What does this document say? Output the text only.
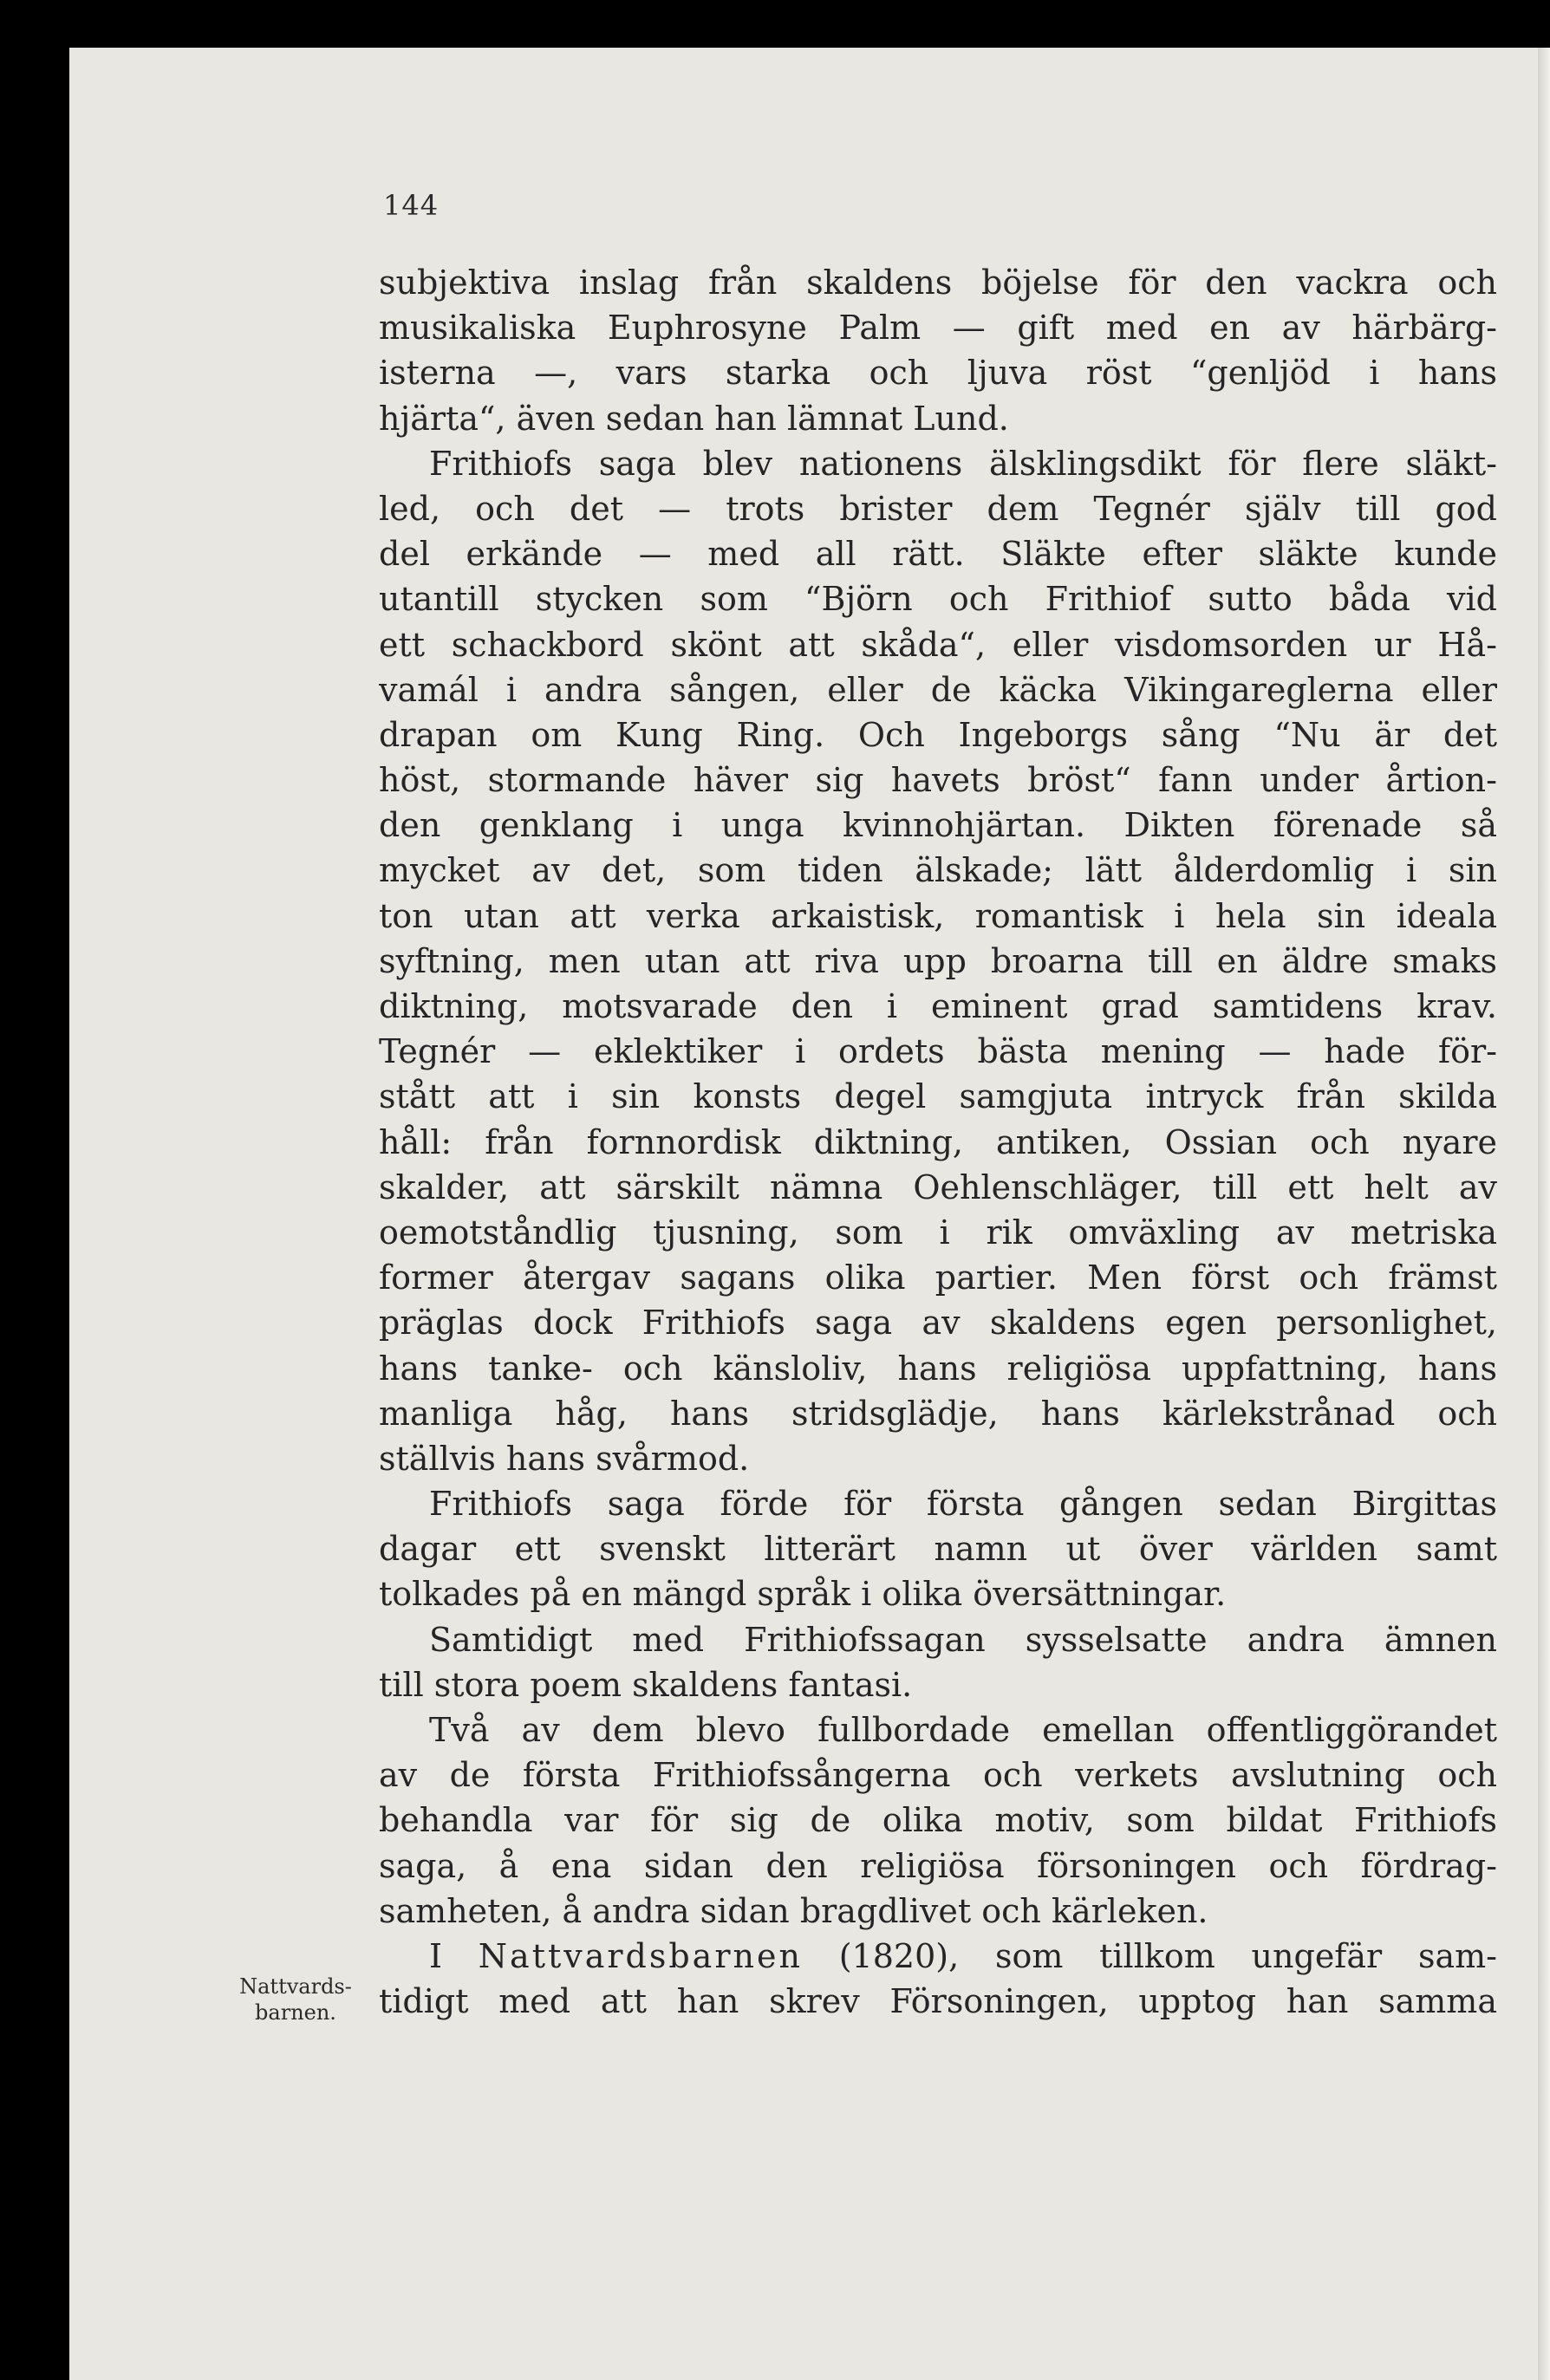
144
Nattvards-
barnen.
subjektiva inslag från skaldens böjelse för den vackra och
musikaliska Euphrosyne Palm — gift med en av härbärg-
isterna —, vars starka och ljuva röst “genljöd i hans
hjärta“, även sedan han lämnat Lund.
Frithiofs saga blev nationens älsklingsdikt för flere släkt-
led, och det — trots brister dem Tegnér själv till god
del erkände — med all rätt. Släkte efter släkte kunde
utantill stycken som “Björn och Frithiof sutto båda vid
ett schackbord skönt att skåda“, eller visdomsorden ur Hå-
vamál i andra sången, eller de käcka Vikingareglerna eller
drapan om Kung Ring. Och Ingeborgs sång “Nu är det
höst, stormande häver sig havets bröst“ fann under årtion-
den genklang i unga kvinnohjärtan. Dikten förenade så
mycket av det, som tiden älskade; lätt ålderdomlig i sin
ton utan att verka arkaistisk, romantisk i hela sin ideala
syftning, men utan att riva upp broarna till en äldre smaks
diktning, motsvarade den i eminent grad samtidens krav.
Tegnér — eklektiker i ordets bästa mening — hade för-
stått att i sin konsts degel samgjuta intryck från skilda
håll: från fornnordisk diktning, antiken, Ossian och nyare
skalder, att särskilt nämna Oehlenschläger, till ett helt av
oemotståndlig tjusning, som i rik omväxling av metriska
former återgav sagans olika partier. Men först och främst
präglas dock Frithiofs saga av skaldens egen personlighet,
hans tanke- och känsloliv, hans religiösa uppfattning, hans
manliga håg, hans stridsglädje, hans kärlekstrånad och
ställvis hans svårmod.
Frithiofs saga förde för första gången sedan Birgittas
dagar ett svenskt litterärt namn ut över världen samt
tolkades på en mängd språk i olika översättningar.
Samtidigt med Frithiofssagan sysselsatte andra ämnen
till stora poem skaldens fantasi.
Två av dem blevo fullbordade emellan offentliggörandet
av de första Frithiofssångerna och verkets avslutning och
behandla var för sig de olika motiv, som bildat Frithiofs
saga, å ena sidan den religiösa försoningen och fördrag-
samheten, å andra sidan bragdlivet och kärleken.
I Nattvardsbarnen (1820), som tillkom ungefär sam-
tidigt med att han skrev Försoningen, upptog han samma
